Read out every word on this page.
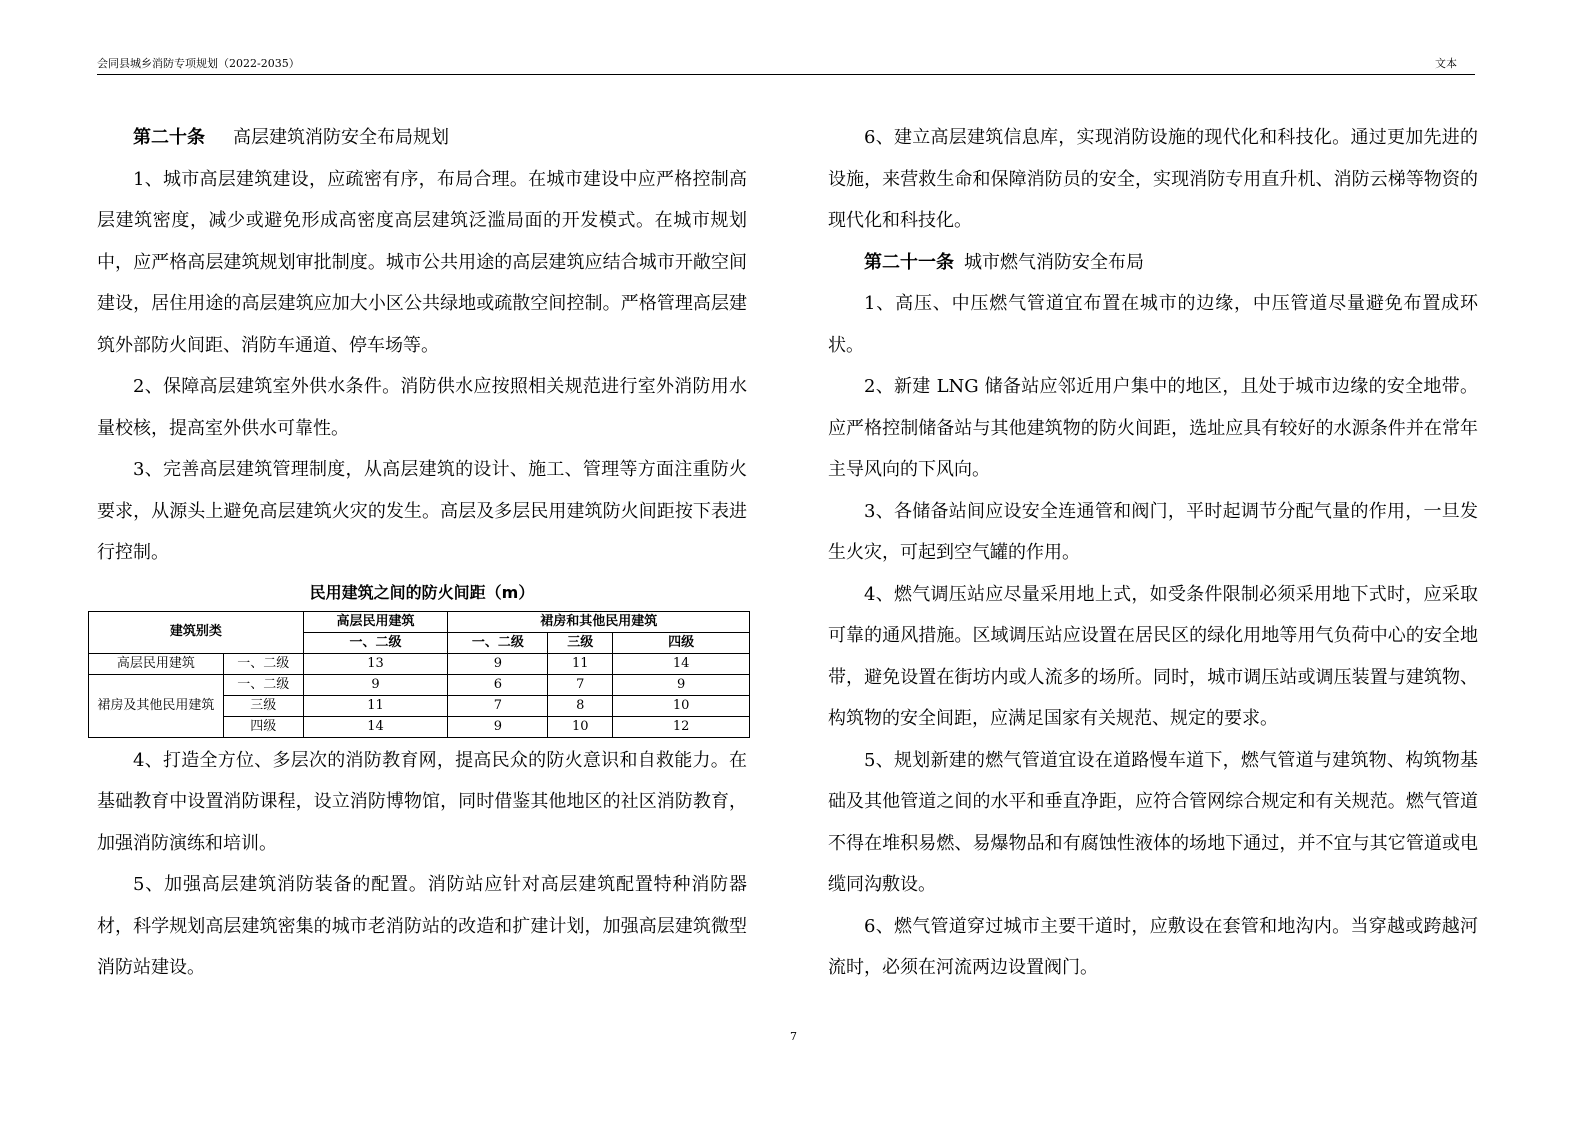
会同县城乡消防专项规划（2022-2035）	文本
第二十条 高层建筑消防安全布局规划

1、城市高层建筑建设，应疏密有序，布局合理。在城市建设中应严格控制高层建筑密度，减少或避免形成高密度高层建筑泛滥局面的开发模式。在城市规划中，应严格高层建筑规划审批制度。城市公共用途的高层建筑应结合城市开敞空间建设，居住用途的高层建筑应加大小区公共绿地或疏散空间控制。严格管理高层建筑外部防火间距、消防车通道、停车场等。

2、保障高层建筑室外供水条件。消防供水应按照相关规范进行室外消防用水量校核，提高室外供水可靠性。

3、完善高层建筑管理制度，从高层建筑的设计、施工、管理等方面注重防火要求，从源头上避免高层建筑火灾的发生。高层及多层民用建筑防火间距按下表进行控制。

民用建筑之间的防火间距（m）
建筑别类		高层民用建筑	裙房和其他民用建筑		
		一、二级	一、二级	三级	四级
高层民用建筑	一、二级	13	9	11	14
裙房及其他民用建筑	一、二级	9	6	7	9
	三级	11	7	8	10
	四级	14	9	10	12

4、打造全方位、多层次的消防教育网，提高民众的防火意识和自救能力。在基础教育中设置消防课程，设立消防博物馆，同时借鉴其他地区的社区消防教育，加强消防演练和培训。

5、加强高层建筑消防装备的配置。消防站应针对高层建筑配置特种消防器材，科学规划高层建筑密集的城市老消防站的改造和扩建计划，加强高层建筑微型消防站建设。

6、建立高层建筑信息库，实现消防设施的现代化和科技化。通过更加先进的设施，来营救生命和保障消防员的安全，实现消防专用直升机、消防云梯等物资的现代化和科技化。

第二十一条 城市燃气消防安全布局

1、高压、中压燃气管道宜布置在城市的边缘，中压管道尽量避免布置成环状。

2、新建 LNG 储备站应邻近用户集中的地区，且处于城市边缘的安全地带。应严格控制储备站与其他建筑物的防火间距，选址应具有较好的水源条件并在常年主导风向的下风向。

3、各储备站间应设安全连通管和阀门，平时起调节分配气量的作用，一旦发生火灾，可起到空气罐的作用。

4、燃气调压站应尽量采用地上式，如受条件限制必须采用地下式时，应采取可靠的通风措施。区域调压站应设置在居民区的绿化用地等用气负荷中心的安全地带，避免设置在街坊内或人流多的场所。同时，城市调压站或调压装置与建筑物、构筑物的安全间距，应满足国家有关规范、规定的要求。

5、规划新建的燃气管道宜设在道路慢车道下，燃气管道与建筑物、构筑物基础及其他管道之间的水平和垂直净距，应符合管网综合规定和有关规范。燃气管道不得在堆积易燃、易爆物品和有腐蚀性液体的场地下通过，并不宜与其它管道或电缆同沟敷设。

6、燃气管道穿过城市主要干道时，应敷设在套管和地沟内。当穿越或跨越河流时，必须在河流两边设置阀门。

7
